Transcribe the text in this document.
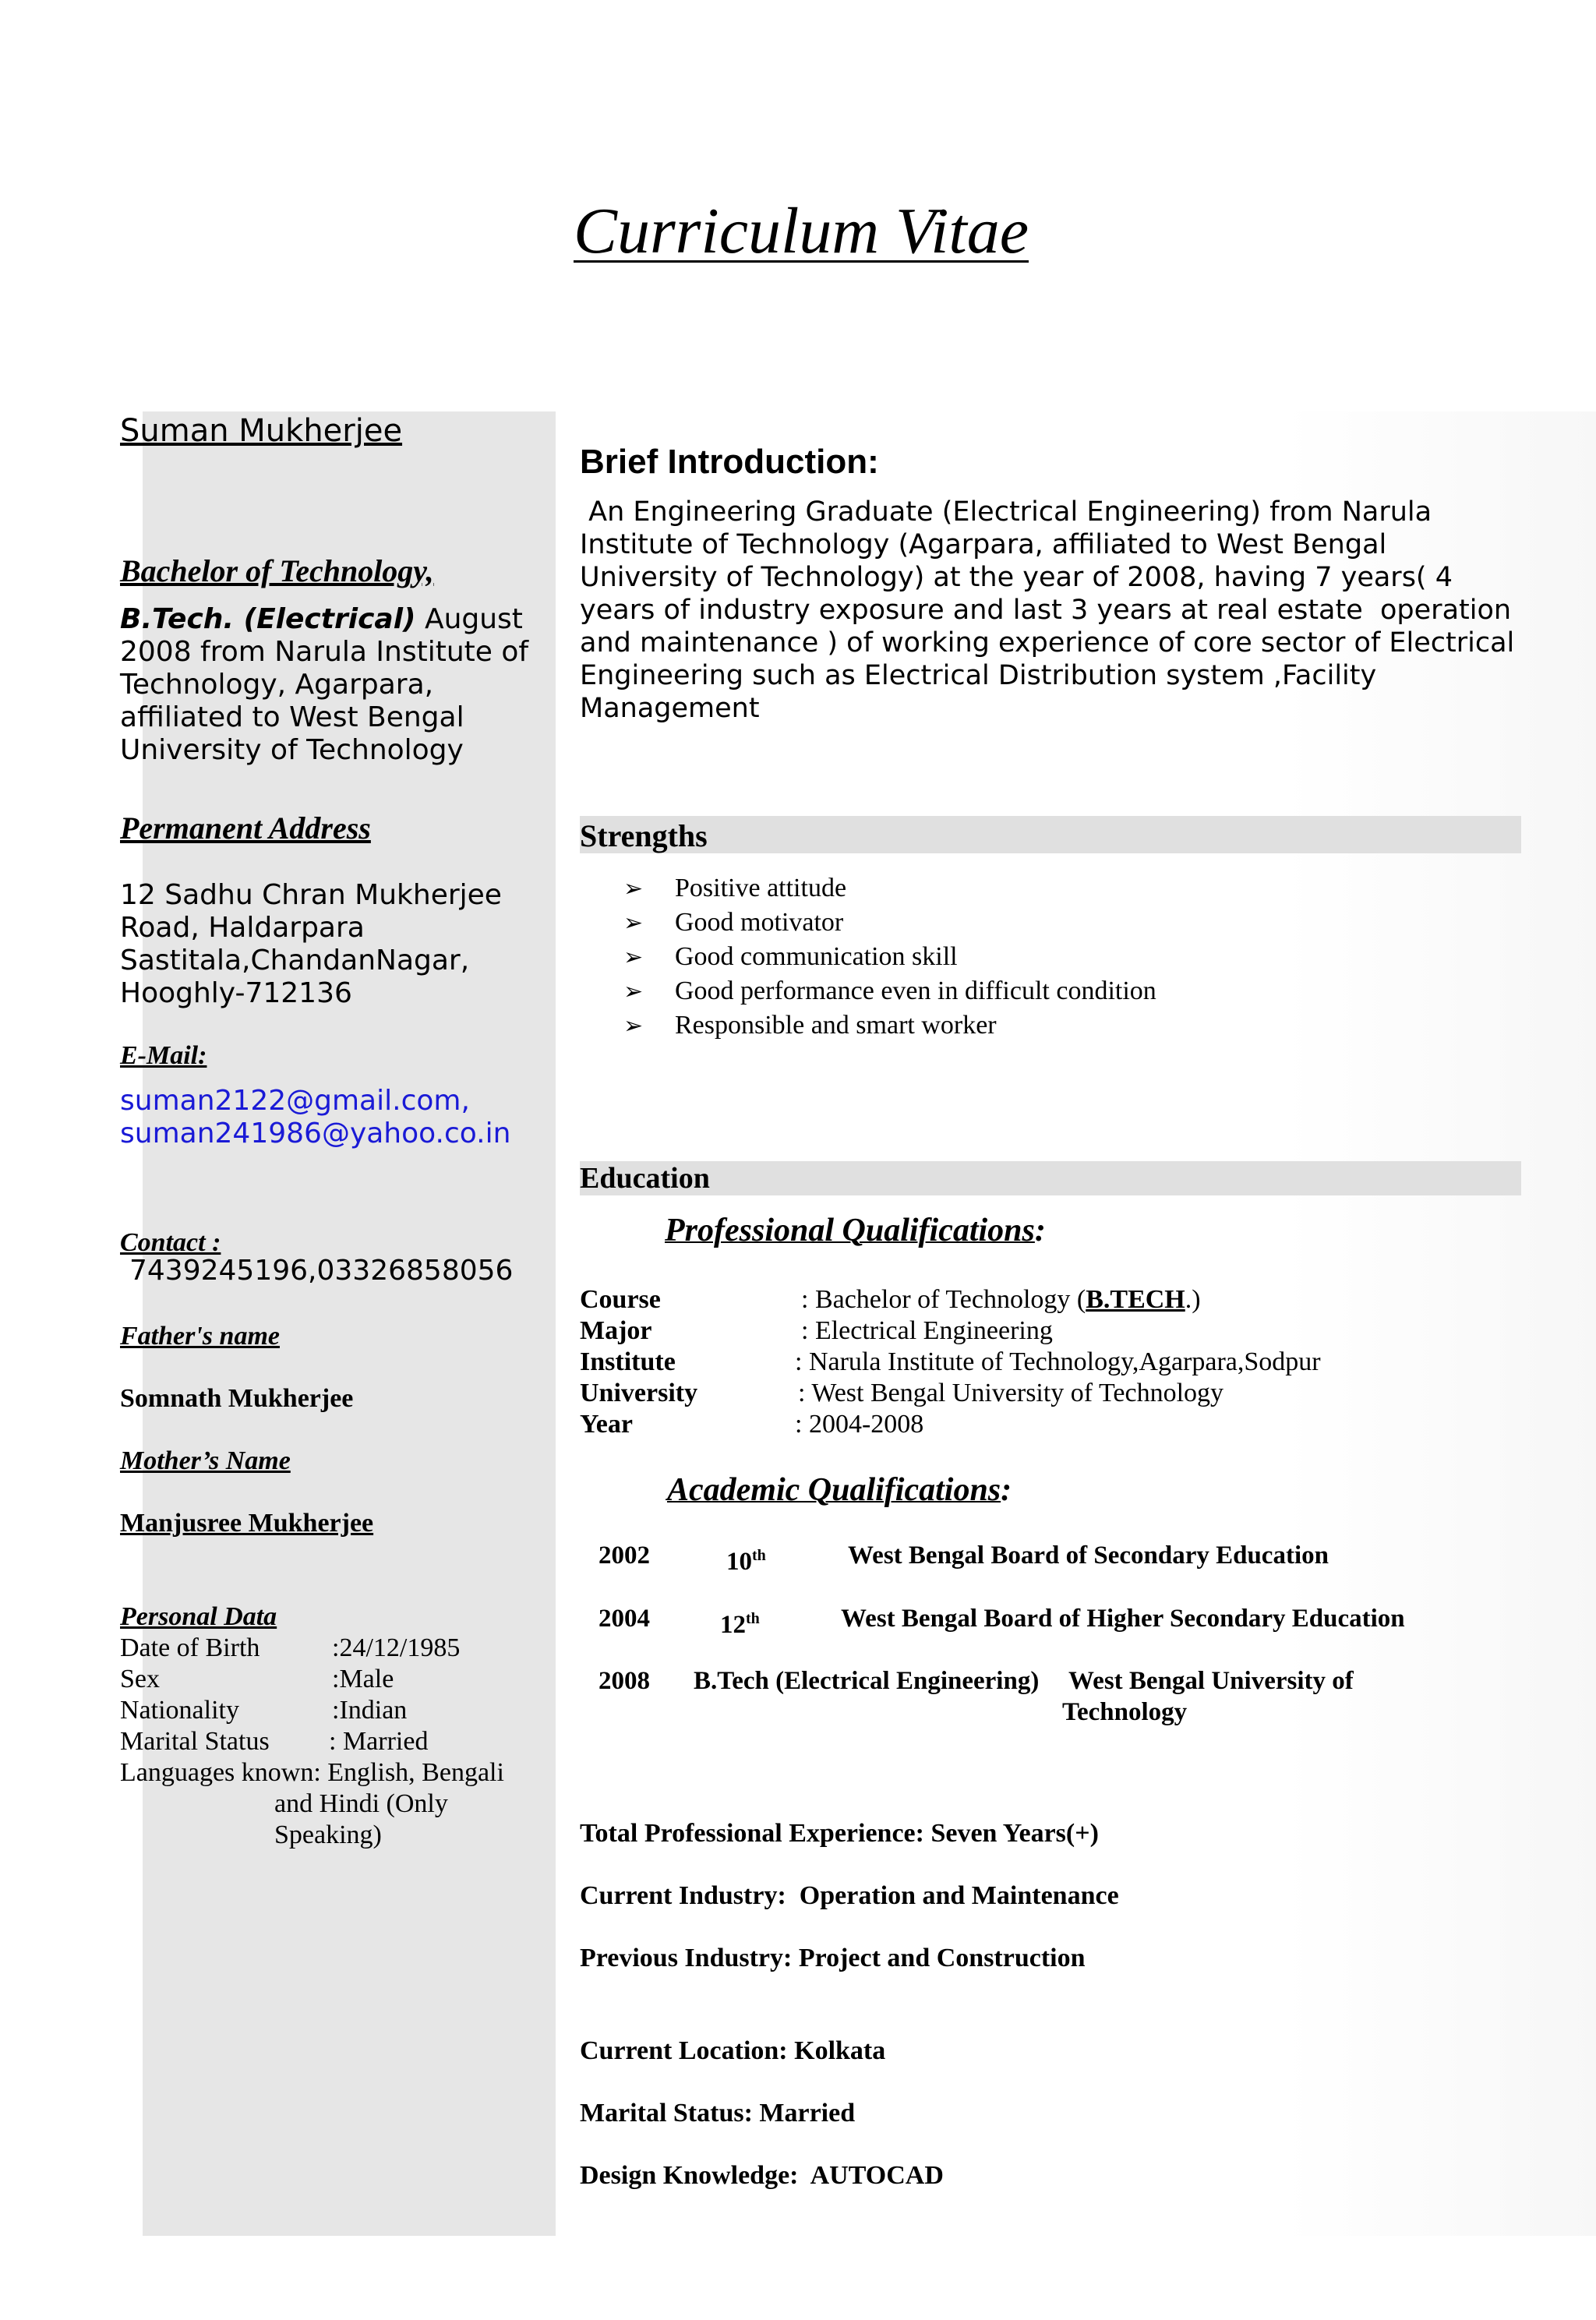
Curriculum Vitae
Suman Mukherjee
Bachelor of Technology,
B.Tech. (Electrical) August
2008 from Narula Institute of
Technology, Agarpara,
affiliated to West Bengal
University of Technology
Permanent Address
12 Sadhu Chran Mukherjee
Road, Haldarpara
Sastitala,ChandanNagar,
Hooghly-712136
E-Mail:
suman2122@gmail.com,
suman241986@yahoo.co.in
Contact :
7439245196,03326858056
Father's name
Somnath Mukherjee
Mother’s Name
Manjusree Mukherjee
Personal Data
Date of Birth	:24/12/1985
Sex	:Male
Nationality	:Indian
Marital Status : Married
Languages known: English, Bengali
and Hindi (Only
Speaking)
Brief Introduction:
An Engineering Graduate (Electrical Engineering) from Narula
Institute of Technology (Agarpara, affiliated to West Bengal
University of Technology) at the year of 2008, having 7 years( 4
years of industry exposure and last 3 years at real estate  operation
and maintenance ) of working experience of core sector of Electrical
Engineering such as Electrical Distribution system ,Facility
Management
Strengths
➢ Positive attitude
➢ Good motivator
➢ Good communication skill
➢ Good performance even in difficult condition
➢ Responsible and smart worker
Education
Professional Qualifications:
Course	: Bachelor of Technology (B.TECH.)
Major	: Electrical Engineering
Institute	: Narula Institute of Technology,Agarpara,Sodpur
University	: West Bengal University of Technology
Year	: 2004-2008
Academic Qualifications:
2002	10th	West Bengal Board of Secondary Education
2004	12th	West Bengal Board of Higher Secondary Education
2008 B.Tech (Electrical Engineering) West Bengal University of
Technology
Total Professional Experience: Seven Years(+)
Current Industry:  Operation and Maintenance
Previous Industry: Project and Construction
Current Location: Kolkata
Marital Status: Married
Design Knowledge:  AUTOCAD
